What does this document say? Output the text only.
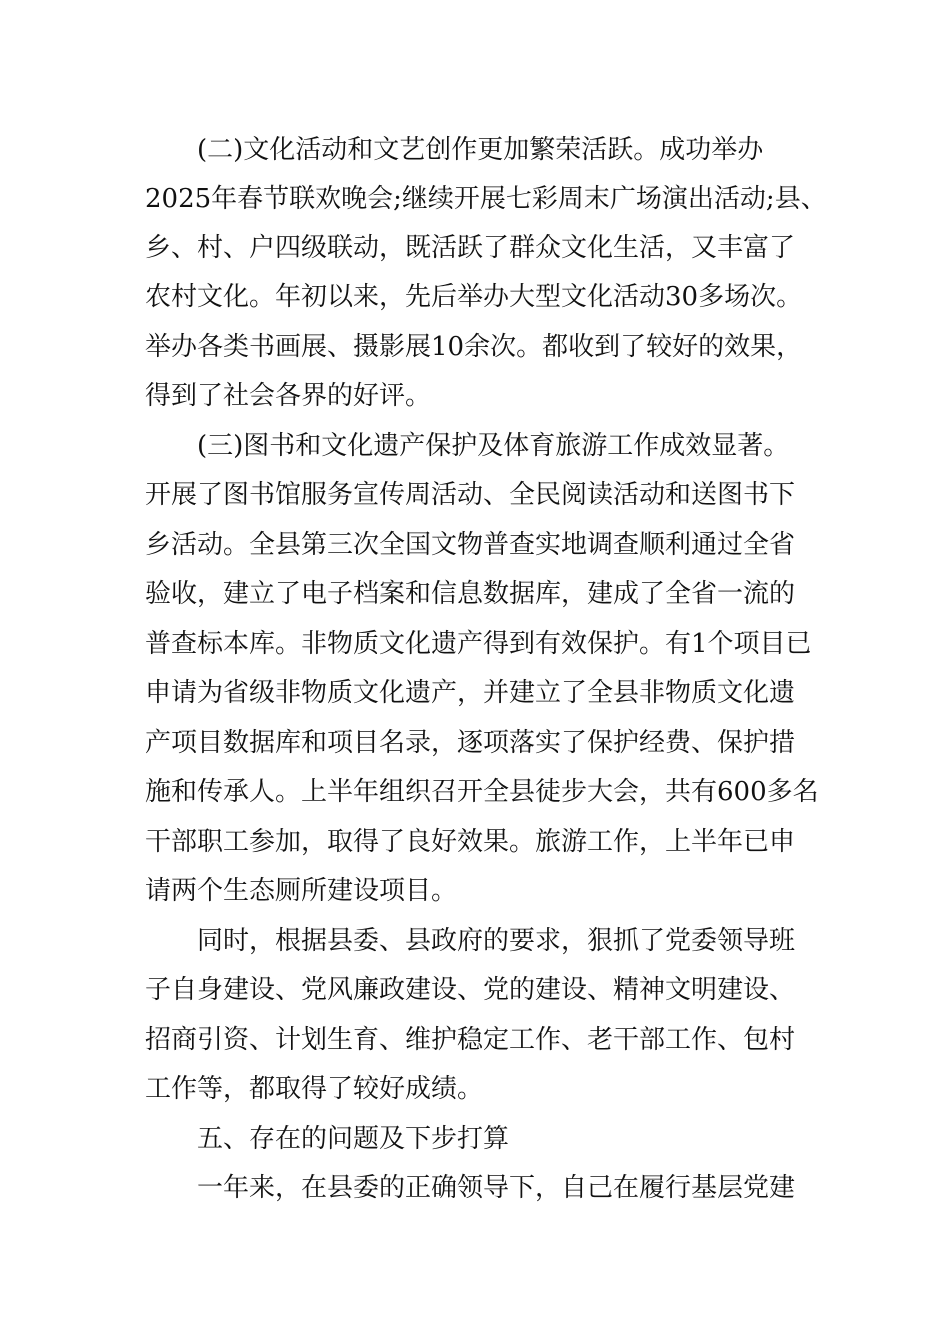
(二)文化活动和文艺创作更加繁荣活跃。成功举办
2025年春节联欢晚会;继续开展七彩周末广场演出活动;县、
乡、村、户四级联动，既活跃了群众文化生活，又丰富了
农村文化。年初以来，先后举办大型文化活动30多场次。
举办各类书画展、摄影展10余次。都收到了较好的效果，
得到了社会各界的好评。
(三)图书和文化遗产保护及体育旅游工作成效显著。
开展了图书馆服务宣传周活动、全民阅读活动和送图书下
乡活动。全县第三次全国文物普查实地调查顺利通过全省
验收，建立了电子档案和信息数据库，建成了全省一流的
普查标本库。非物质文化遗产得到有效保护。有1个项目已
申请为省级非物质文化遗产，并建立了全县非物质文化遗
产项目数据库和项目名录，逐项落实了保护经费、保护措
施和传承人。上半年组织召开全县徒步大会，共有600多名
干部职工参加，取得了良好效果。旅游工作，上半年已申
请两个生态厕所建设项目。
同时，根据县委、县政府的要求，狠抓了党委领导班
子自身建设、党风廉政建设、党的建设、精神文明建设、
招商引资、计划生育、维护稳定工作、老干部工作、包村
工作等，都取得了较好成绩。
五、存在的问题及下步打算
一年来，在县委的正确领导下，自己在履行基层党建
